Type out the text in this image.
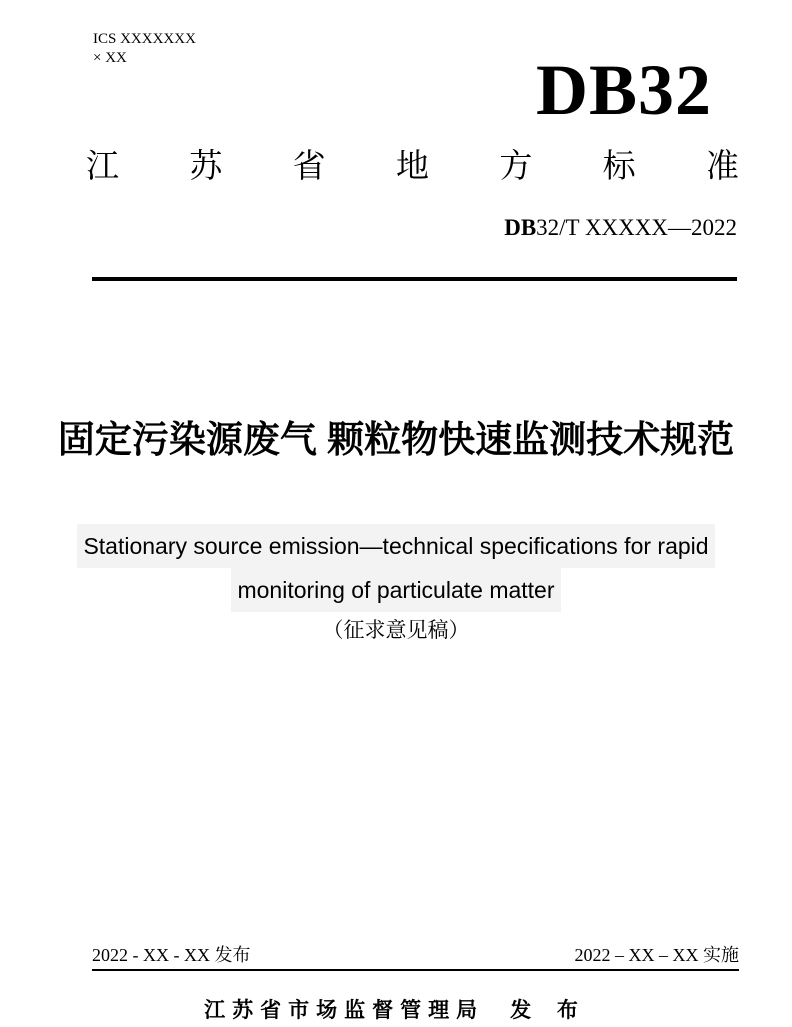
ICS XXXXXXX
× XX	DB32
江苏省地方标准
DB32/T XXXXX—2022
固定污染源废气 颗粒物快速监测技术规范
Stationary source emission—technical specifications for rapid
monitoring of particulate matter
（征求意见稿）
2022 - XX - XX 发布	2022 – XX – XX 实施
江苏省市场监督管理局 发 布
